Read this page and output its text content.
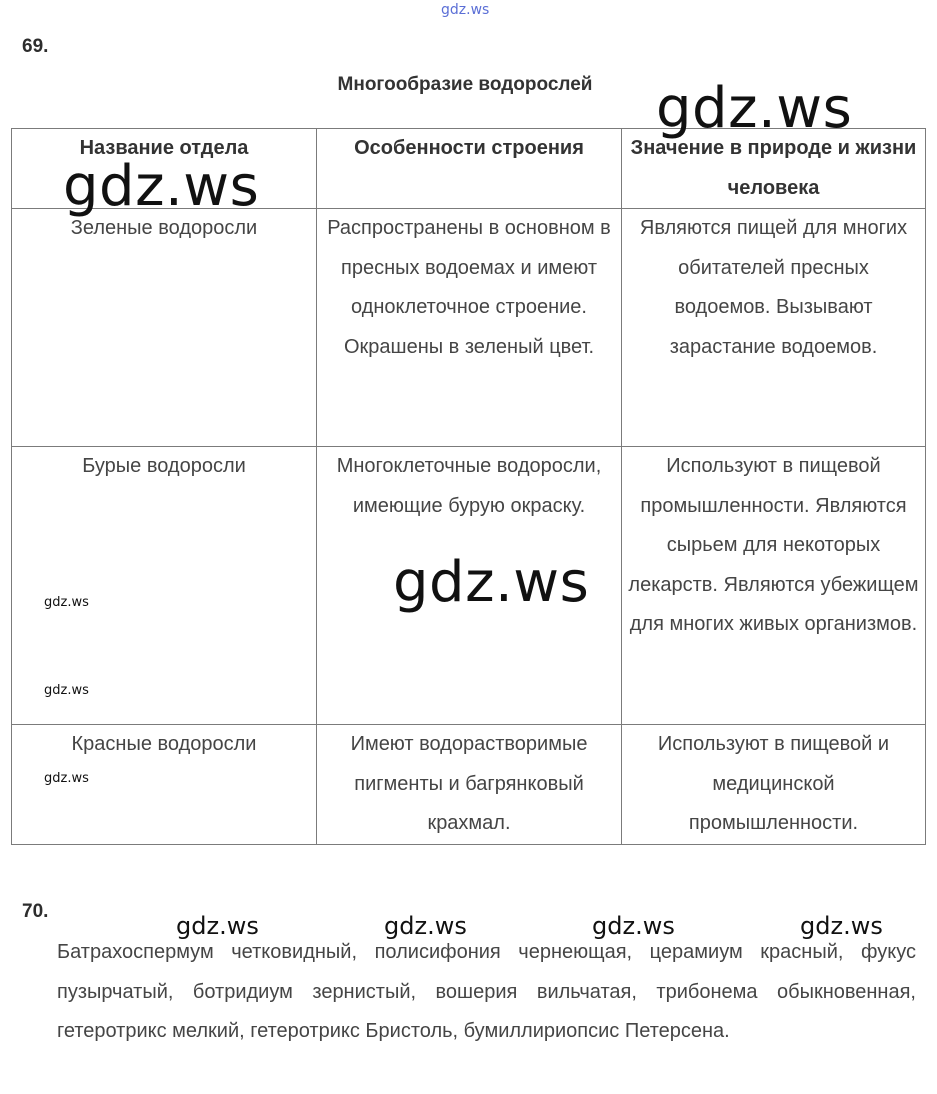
gdz.ws
69.
Многообразие водорослей
Название отдела	Особенности строения	Значение в природе и жизни человека
Зеленые водоросли	Распространены в основном в пресных водоемах и имеют одноклеточное строение. Окрашены в зеленый цвет.	Являются пищей для многих обитателей пресных водоемов. Вызывают зарастание водоемов.
Бурые водоросли	Многоклеточные водоросли, имеющие бурую окраску.	Используют в пищевой промышленности. Являются сырьем для некоторых лекарств. Являются убежищем для многих живых организмов.
Красные водоросли	Имеют водорастворимые пигменты и багрянковый крахмал.	Используют в пищевой и медицинской промышленности.
gdz.ws
gdz.ws
gdz.ws
gdz.ws
gdz.ws
gdz.ws
70.
gdz.ws	gdz.ws	gdz.ws	gdz.ws
Батрахоспермум четковидный, полисифония чернеющая, церамиум красный, фукус пузырчатый, ботридиум зернистый, вошерия вильчатая, трибонема обыкновенная, гетеротрикс мелкий, гетеротрикс Бристоль, бумиллириопсис Петерсена.
